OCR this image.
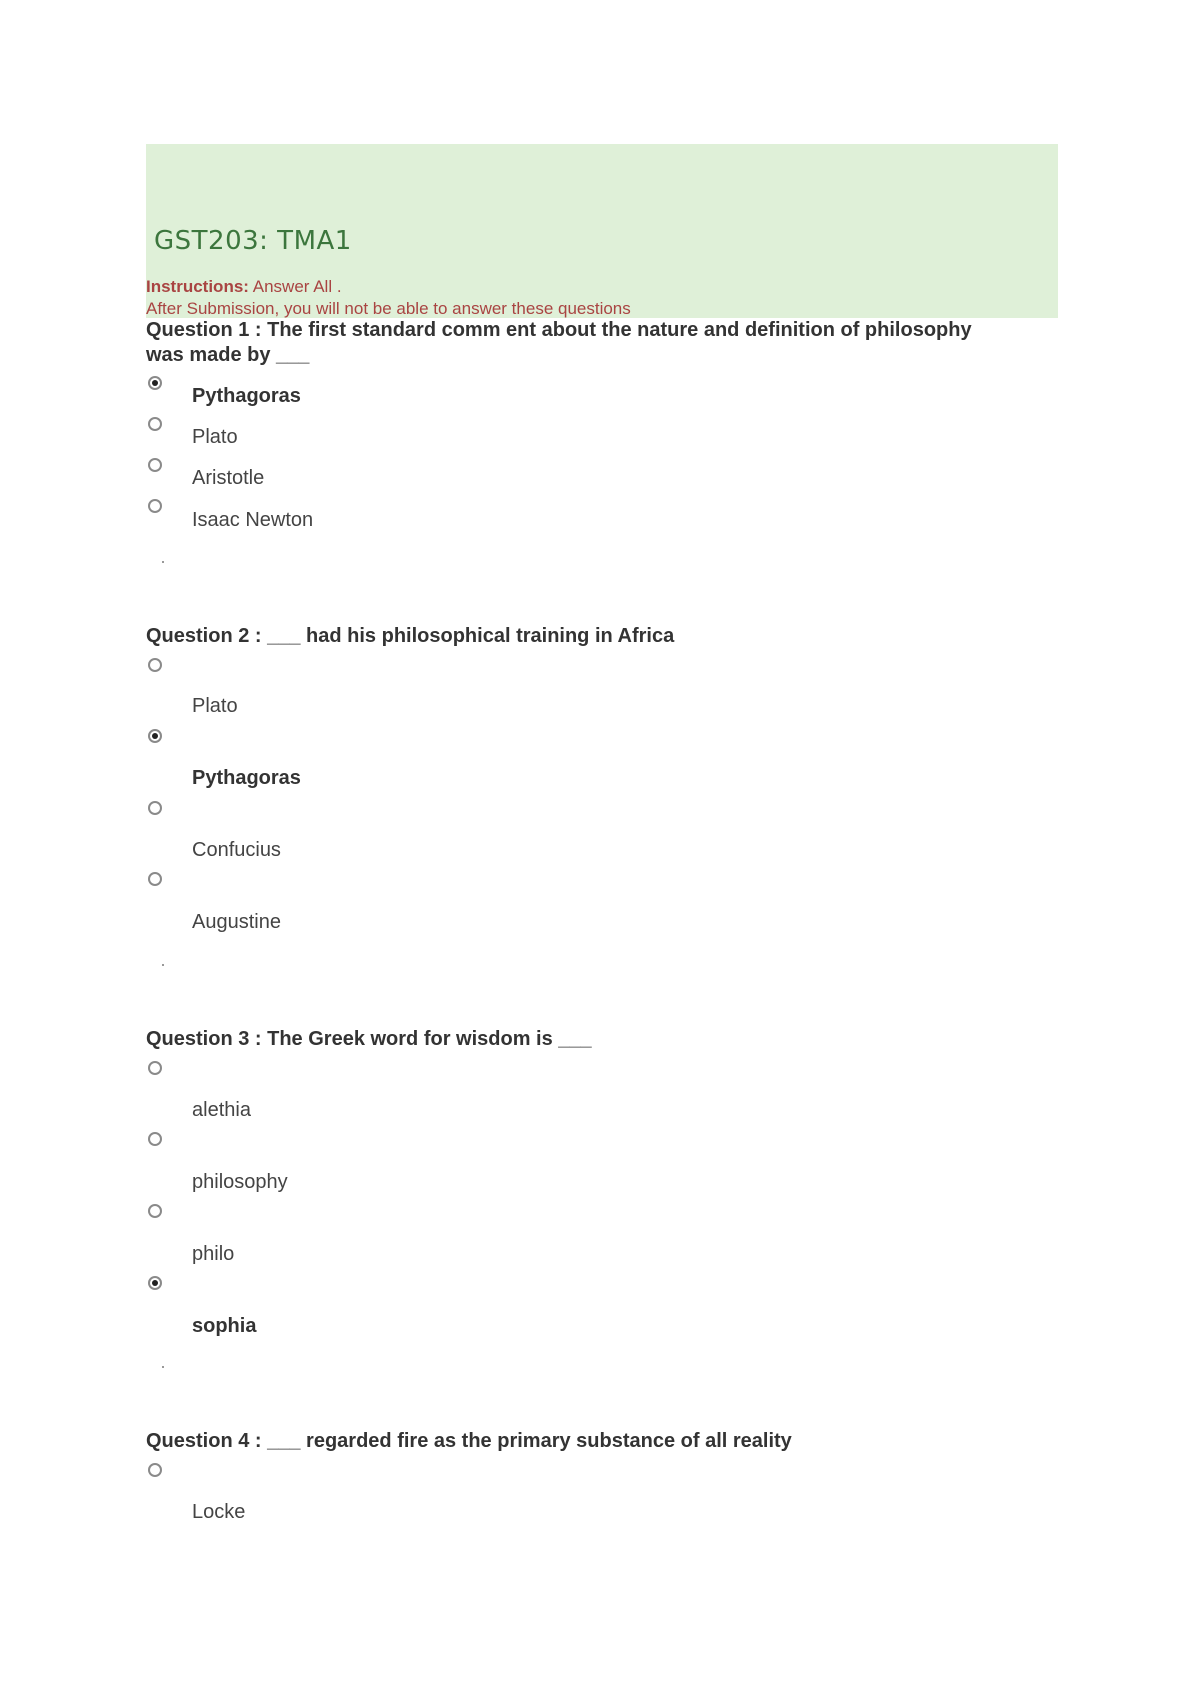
GST203: TMA1
Instructions: Answer All .
After Submission, you will not be able to answer these questions
Question 1 : The first standard comm ent about the nature and definition of philosophy
was made by ___
Pythagoras
Plato
Aristotle
Isaac Newton
Question 2 : ___ had his philosophical training in Africa
Plato
Pythagoras
Confucius
Augustine
Question 3 : The Greek word for wisdom is ___
alethia
philosophy
philo
sophia
Question 4 : ___ regarded fire as the primary substance of all reality
Locke
